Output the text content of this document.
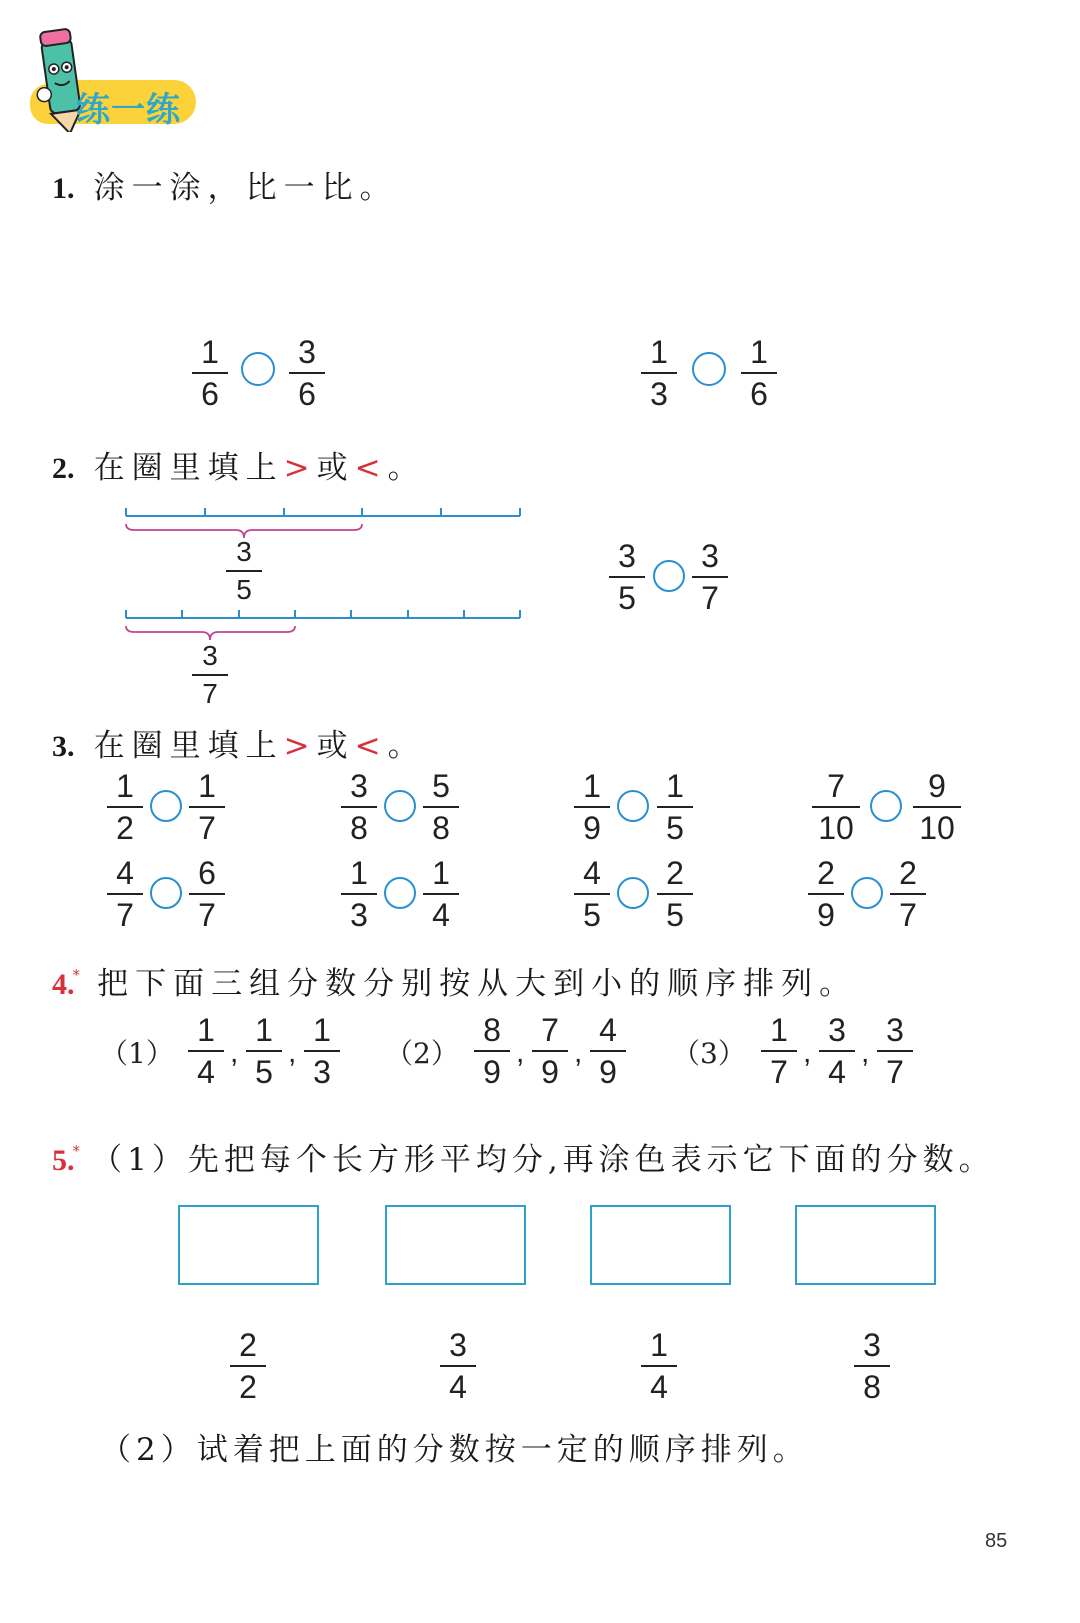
练一练
1. 涂一涂，比一比。
1
6
3
6
1
3
1
6
2. 在圈里填上>或<。
3
5
3
7
3
5
3
7
3. 在圈里填上>或<。
1
2
1
7
3
8
5
8
1
9
1
5
7
10
9
10
4
7
6
7
1
3
1
4
4
5
2
5
2
9
2
7
4.* 把下面三组分数分别按从大到小的顺序排列。
（1）
1
4
,
1
5
,
1
3
（2）
8
9
,
7
9
,
4
9
（3）
1
7
,
3
4
,
3
7
5.* （1）先把每个长方形平均分,再涂色表示它下面的分数。
2
2
3
4
1
4
3
8
（2）试着把上面的分数按一定的顺序排列。
85
